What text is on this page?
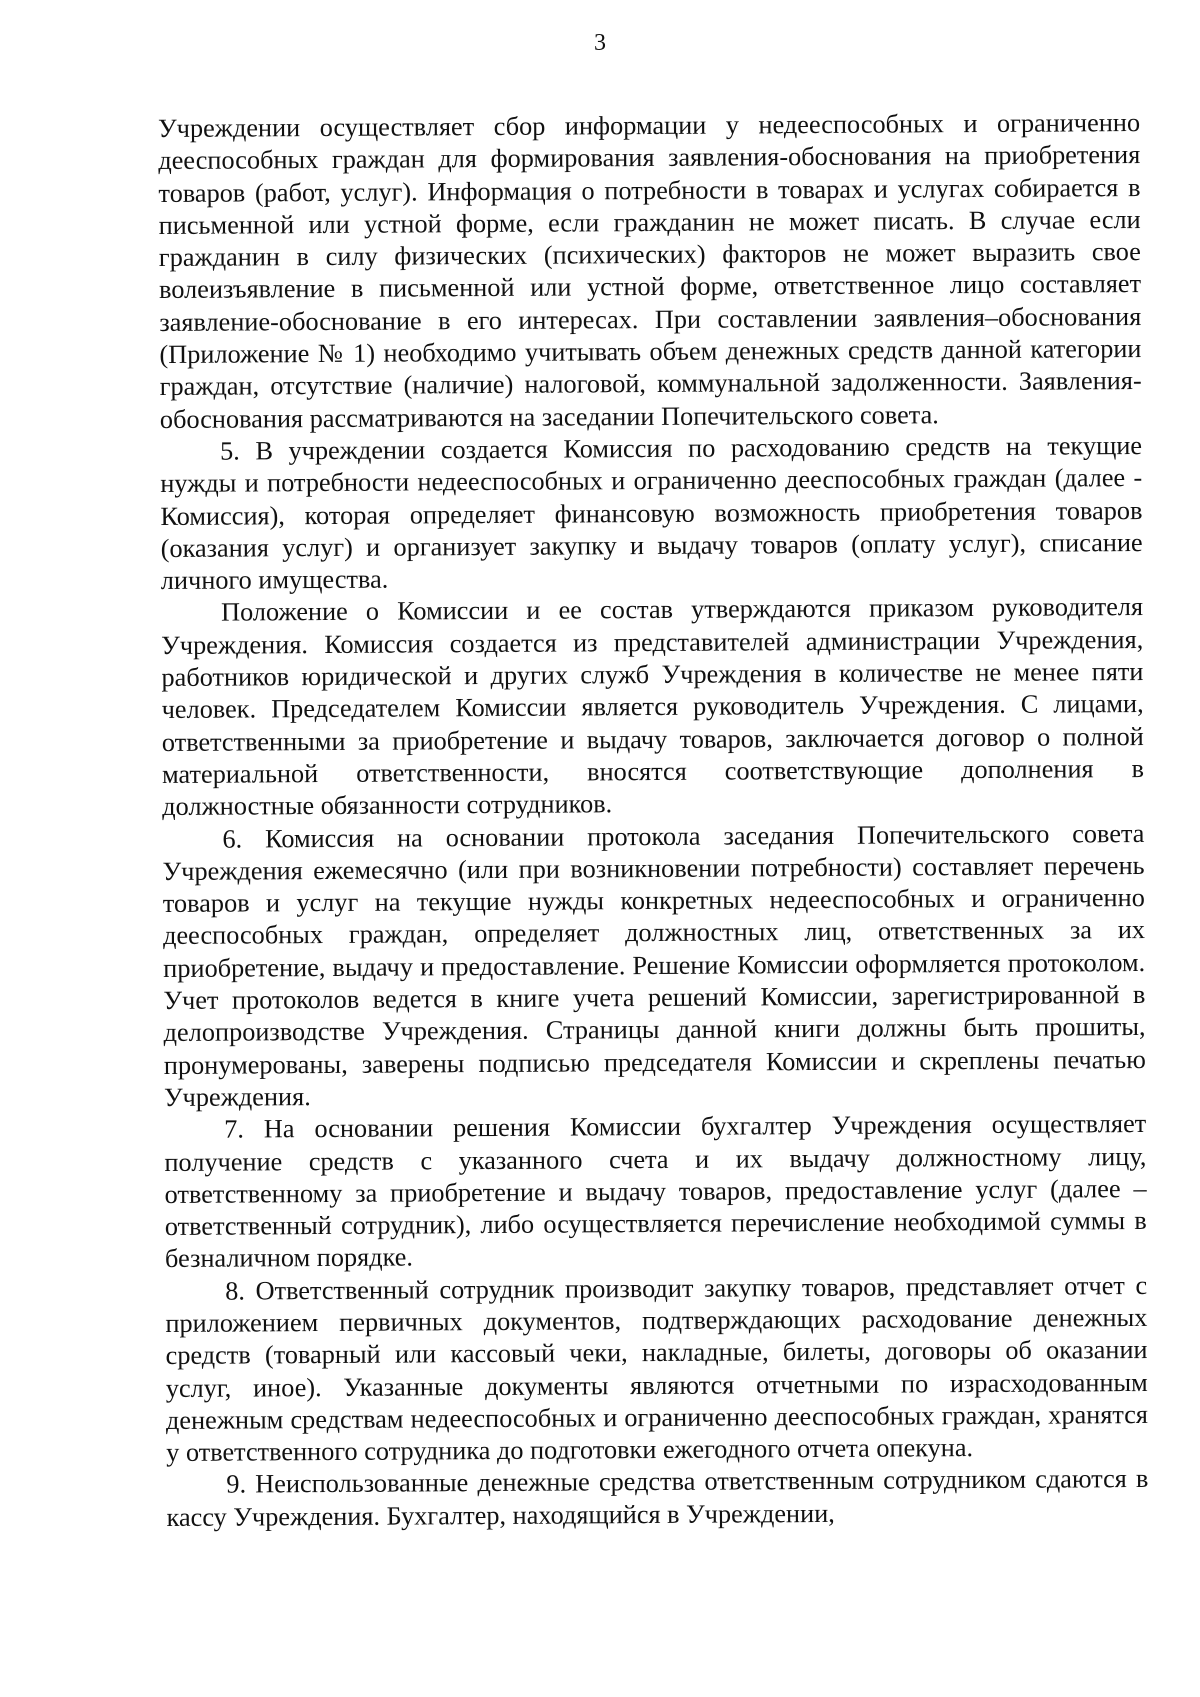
3

Учреждении осуществляет сбор информации у недееспособных и ограниченно дееспособных граждан для формирования заявления-обоснования на приобретения товаров (работ, услуг). Информация о потребности в товарах и услугах собирается в письменной или устной форме, если гражданин не может писать. В случае если гражданин в силу физических (психических) факторов не может выразить свое волеизъявление в письменной или устной форме, ответственное лицо составляет заявление-обоснование в его интересах. При составлении заявления–обоснования (Приложение № 1) необходимо учитывать объем денежных средств данной категории граждан, отсутствие (наличие) налоговой, коммунальной задолженности. Заявления-обоснования рассматриваются на заседании Попечительского совета.

5. В учреждении создается Комиссия по расходованию средств на текущие нужды и потребности недееспособных и ограниченно дееспособных граждан (далее - Комиссия), которая определяет финансовую возможность приобретения товаров (оказания услуг) и организует закупку и выдачу товаров (оплату услуг), списание личного имущества.

Положение о Комиссии и ее состав утверждаются приказом руководителя Учреждения. Комиссия создается из представителей администрации Учреждения, работников юридической и других служб Учреждения в количестве не менее пяти человек. Председателем Комиссии является руководитель Учреждения. С лицами, ответственными за приобретение и выдачу товаров, заключается договор о полной материальной ответственности, вносятся соответствующие дополнения в должностные обязанности сотрудников.

6. Комиссия на основании протокола заседания Попечительского совета Учреждения ежемесячно (или при возникновении потребности) составляет перечень товаров и услуг на текущие нужды конкретных недееспособных и ограниченно дееспособных граждан, определяет должностных лиц, ответственных за их приобретение, выдачу и предоставление. Решение Комиссии оформляется протоколом. Учет протоколов ведется в книге учета решений Комиссии, зарегистрированной в делопроизводстве Учреждения. Страницы данной книги должны быть прошиты, пронумерованы, заверены подписью председателя Комиссии и скреплены печатью Учреждения.

7. На основании решения Комиссии бухгалтер Учреждения осуществляет получение средств с указанного счета и их выдачу должностному лицу, ответственному за приобретение и выдачу товаров, предоставление услуг (далее – ответственный сотрудник), либо осуществляется перечисление необходимой суммы в безналичном порядке.

8. Ответственный сотрудник производит закупку товаров, представляет отчет с приложением первичных документов, подтверждающих расходование денежных средств (товарный или кассовый чеки, накладные, билеты, договоры об оказании услуг, иное). Указанные документы являются отчетными по израсходованным денежным средствам недееспособных и ограниченно дееспособных граждан, хранятся у ответственного сотрудника до подготовки ежегодного отчета опекуна.

9. Неиспользованные денежные средства ответственным сотрудником сдаются в кассу Учреждения. Бухгалтер, находящийся в Учреждении,
